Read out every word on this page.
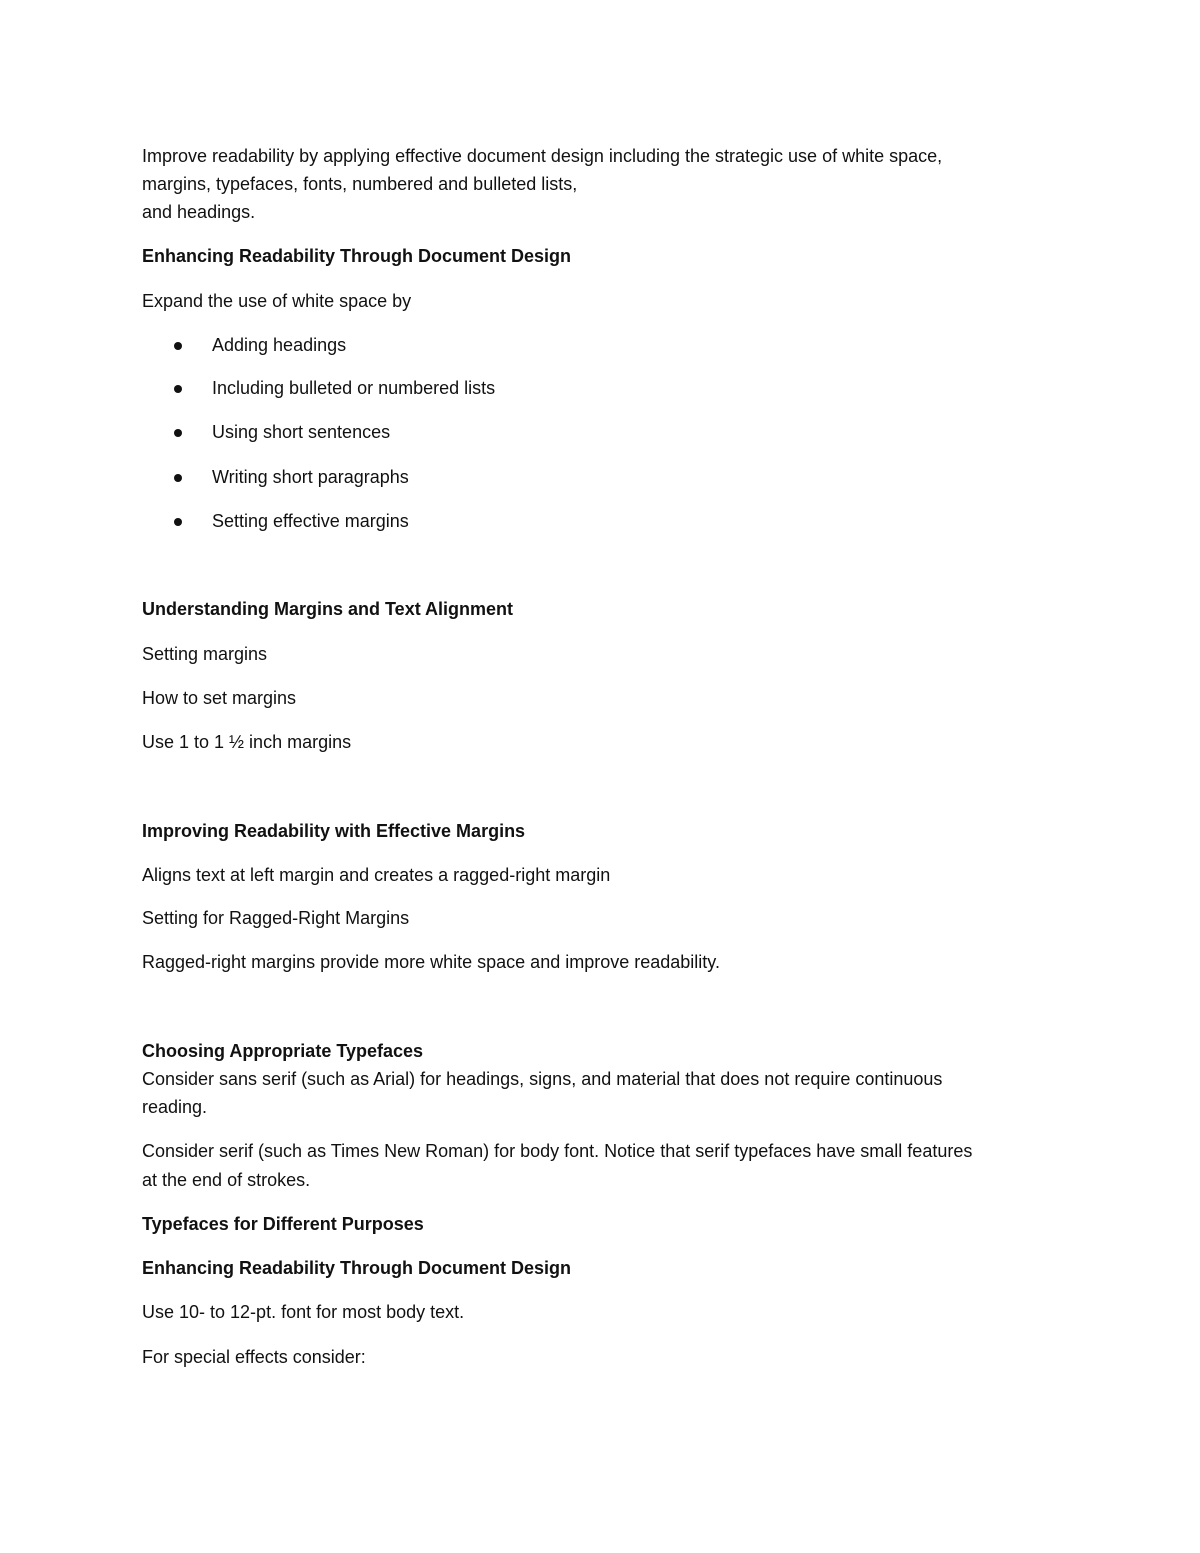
Improve readability by applying effective document design including the strategic use of white space,
margins, typefaces, fonts, numbered and bulleted lists,
and headings.
Enhancing Readability Through Document Design
Expand the use of white space by
Adding headings
Including bulleted or numbered lists
Using short sentences
Writing short paragraphs
Setting effective margins
Understanding Margins and Text Alignment
Setting margins
How to set margins
Use 1 to 1 ½ inch margins
Improving Readability with Effective Margins
Aligns text at left margin and creates a ragged-right margin
Setting for Ragged-Right Margins
Ragged-right margins provide more white space and improve readability.
Choosing Appropriate Typefaces
Consider sans serif (such as Arial) for headings, signs, and material that does not require continuous
reading.
Consider serif (such as Times New Roman) for body font. Notice that serif typefaces have small features
at the end of strokes.
Typefaces for Different Purposes
Enhancing Readability Through Document Design
Use 10- to 12-pt. font for most body text.
For special effects consider:
